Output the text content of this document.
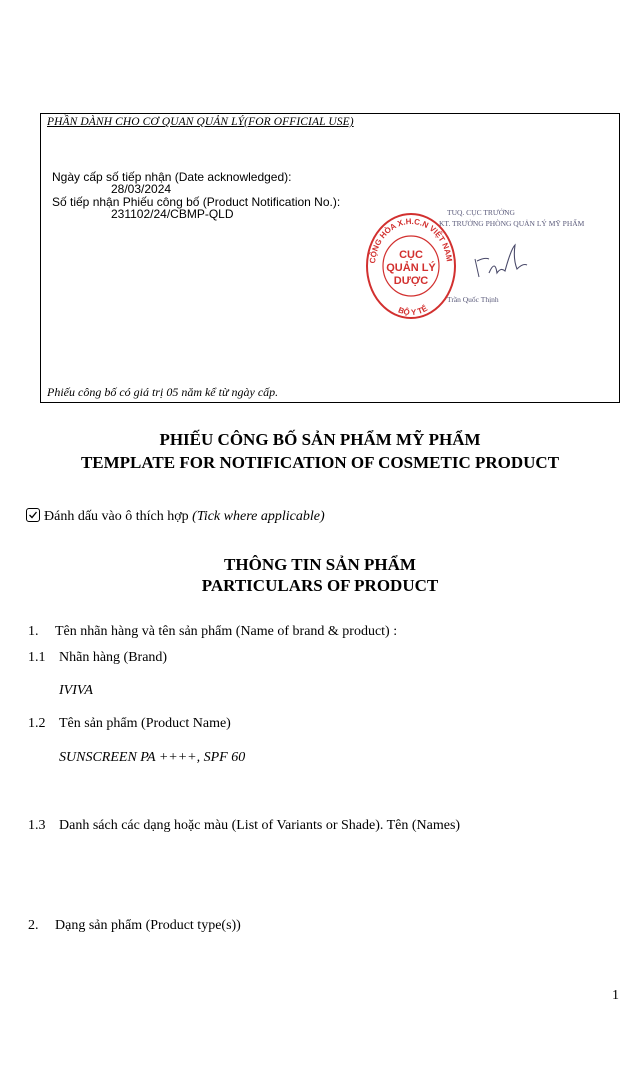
PHẦN DÀNH CHO CƠ QUAN QUẢN LÝ(FOR OFFICIAL USE)
Ngày cấp số tiếp nhận (Date acknowledged):
28/03/2024
Số tiếp nhận Phiếu công bố (Product Notification No.):
231102/24/CBMP-QLD	TUQ. CỤC TRƯỞNG
KT. TRƯỞNG PHÒNG QUẢN LÝ MỸ PHẨM
Trần Quốc Thịnh
CỘNG HÒA X.H.C.N VIỆT NAM
BỘ Y TẾ
CỤC
QUẢN LÝ
DƯỢC
Phiếu công bố có giá trị 05 năm kể từ ngày cấp.
PHIẾU CÔNG BỐ SẢN PHẨM MỸ PHẨM
TEMPLATE FOR NOTIFICATION OF COSMETIC PRODUCT
Đánh dấu vào ô thích hợp (Tick where applicable)
THÔNG TIN SẢN PHẨM
PARTICULARS OF PRODUCT
1. Tên nhãn hàng và tên sản phẩm (Name of brand & product) :
1.1 Nhãn hàng (Brand)
IVIVA
1.2 Tên sản phẩm (Product Name)
SUNSCREEN PA ++++, SPF 60
1.3 Danh sách các dạng hoặc màu (List of Variants or Shade). Tên (Names)
2. Dạng sản phẩm (Product type(s))
1
